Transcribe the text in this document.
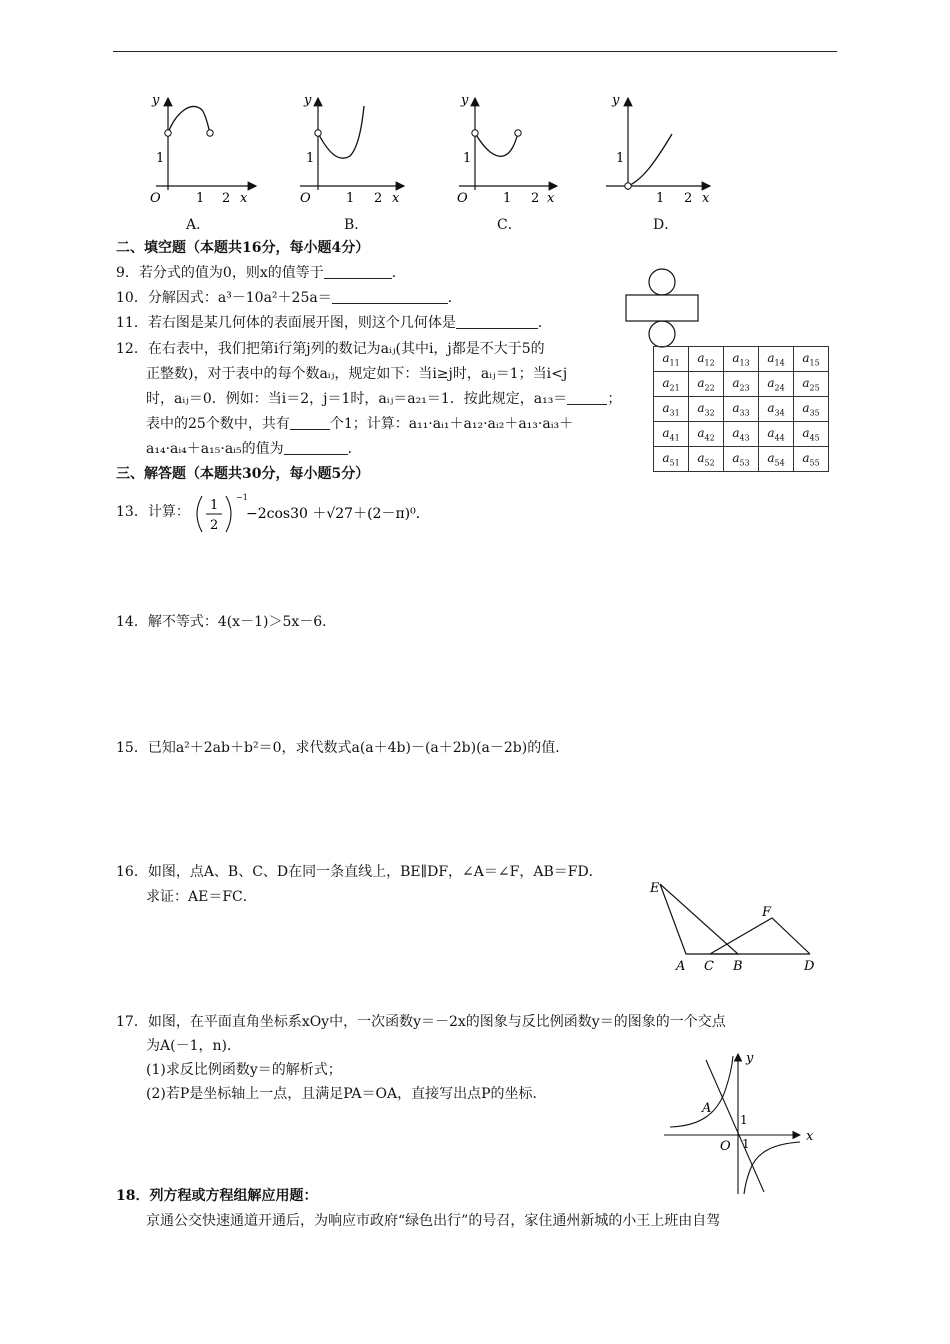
1
1 2
O
y
x
1
1 2
O
y
x
1
1 2
O
y
x
1
1 2
y
x
A．	B．	C．	D．
二、填空题（本题共16分，每小题4分）
9．若分式的值为0，则x的值等于	．
10．分解因式：a³－10a²＋25a＝	．
11．若右图是某几何体的表面展开图，则这个几何体是	．
12．在右表中，我们把第i行第j列的数记为aᵢⱼ(其中i，j都是不大于5的
正整数)，对于表中的每个数aᵢⱼ，规定如下：当i≥j时，aᵢⱼ＝1；当i<j
时，aᵢⱼ＝0．例如：当i＝2，j＝1时，aᵢⱼ＝a₂₁＝1．按此规定，a₁₃＝	；
表中的25个数中，共有	个1；计算：a₁₁·aᵢ₁＋a₁₂·aᵢ₂＋a₁₃·aᵢ₃＋
a₁₄·aᵢ₄＋a₁₅·aᵢ₅的值为	．
$a_{11}$	$a_{12}$	$a_{13}$	$a_{14}$	$a_{15}$
$a_{21}$	$a_{22}$	$a_{23}$	$a_{24}$	$a_{25}$
$a_{31}$	$a_{32}$	$a_{33}$	$a_{34}$	$a_{35}$
$a_{41}$	$a_{42}$	$a_{43}$	$a_{44}$	$a_{45}$
$a_{51}$	$a_{52}$	$a_{53}$	$a_{54}$	$a_{55}$
三、解答题（本题共30分，每小题5分）
13．计算： 1
2
−1
−2cos30 ＋√27＋(2－π)⁰．
14．解不等式：4(x－1)＞5x－6．
15．已知a²＋2ab＋b²＝0，求代数式a(a＋4b)－(a＋2b)(a－2b)的值．
16．如图，点A、B、C、D在同一条直线上，BE∥DF，∠A＝∠F，AB＝FD．
求证：AE＝FC．
E
F
A C B	D
17．如图，在平面直角坐标系xOy中，一次函数y＝－2x的图象与反比例函数y＝的图象的一个交点
为A(－1，n)．
(1)求反比例函数y＝的解析式；
(2)若P是坐标轴上一点，且满足PA＝OA，直接写出点P的坐标．
y
x
O
A
1
1
18．列方程或方程组解应用题：
京通公交快速通道开通后，为响应市政府“绿色出行”的号召，家住通州新城的小王上班由自驾
